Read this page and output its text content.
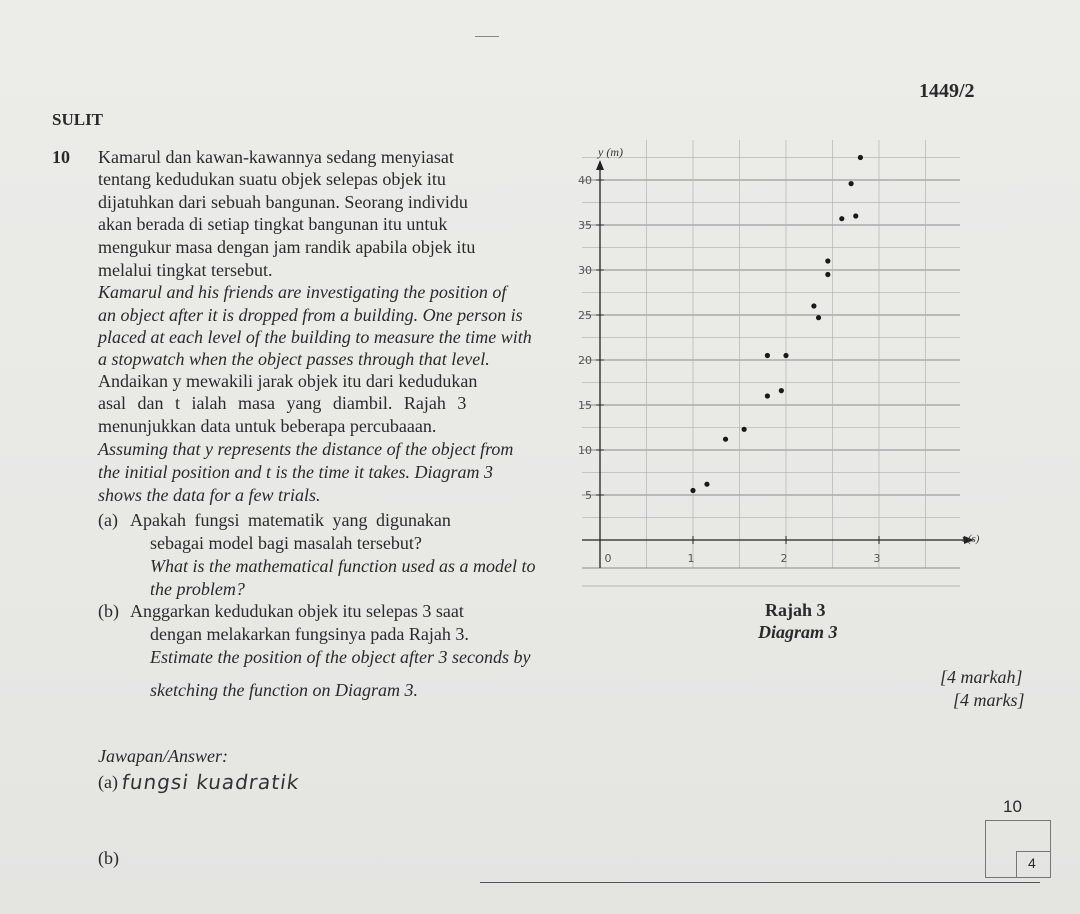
1449/2
SULIT
10 Kamarul dan kawan-kawannya sedang menyiasat
tentang kedudukan suatu objek selepas objek itu
dijatuhkan dari sebuah bangunan. Seorang individu
akan berada di setiap tingkat bangunan itu untuk
mengukur masa dengan jam randik apabila objek itu
melalui tingkat tersebut.
Kamarul and his friends are investigating the position of
an object after it is dropped from a building. One person is
placed at each level of the building to measure the time with
a stopwatch when the object passes through that level.
Andaikan y mewakili jarak objek itu dari kedudukan
asal dan t ialah masa yang diambil. Rajah 3
menunjukkan data untuk beberapa percubaaan.
Assuming that y represents the distance of the object from
the initial position and t is the time it takes. Diagram 3
shows the data for a few trials.
(a) Apakah fungsi matematik yang digunakan
sebagai model bagi masalah tersebut?
What is the mathematical function used as a model to
the problem?
(b) Anggarkan kedudukan objek itu selepas 3 saat
dengan melakarkan fungsinya pada Rajah 3.
Estimate the position of the object after 3 seconds by
sketching the function on Diagram 3.
[4 markah]
[4 marks]
5
10
15
20
25
30
35
40
0	1	2	3
y (m)
t (s)
Rajah 3
Diagram 3
Jawapan/Answer:
(a) fungsi kuadratik
(b)
10
4
